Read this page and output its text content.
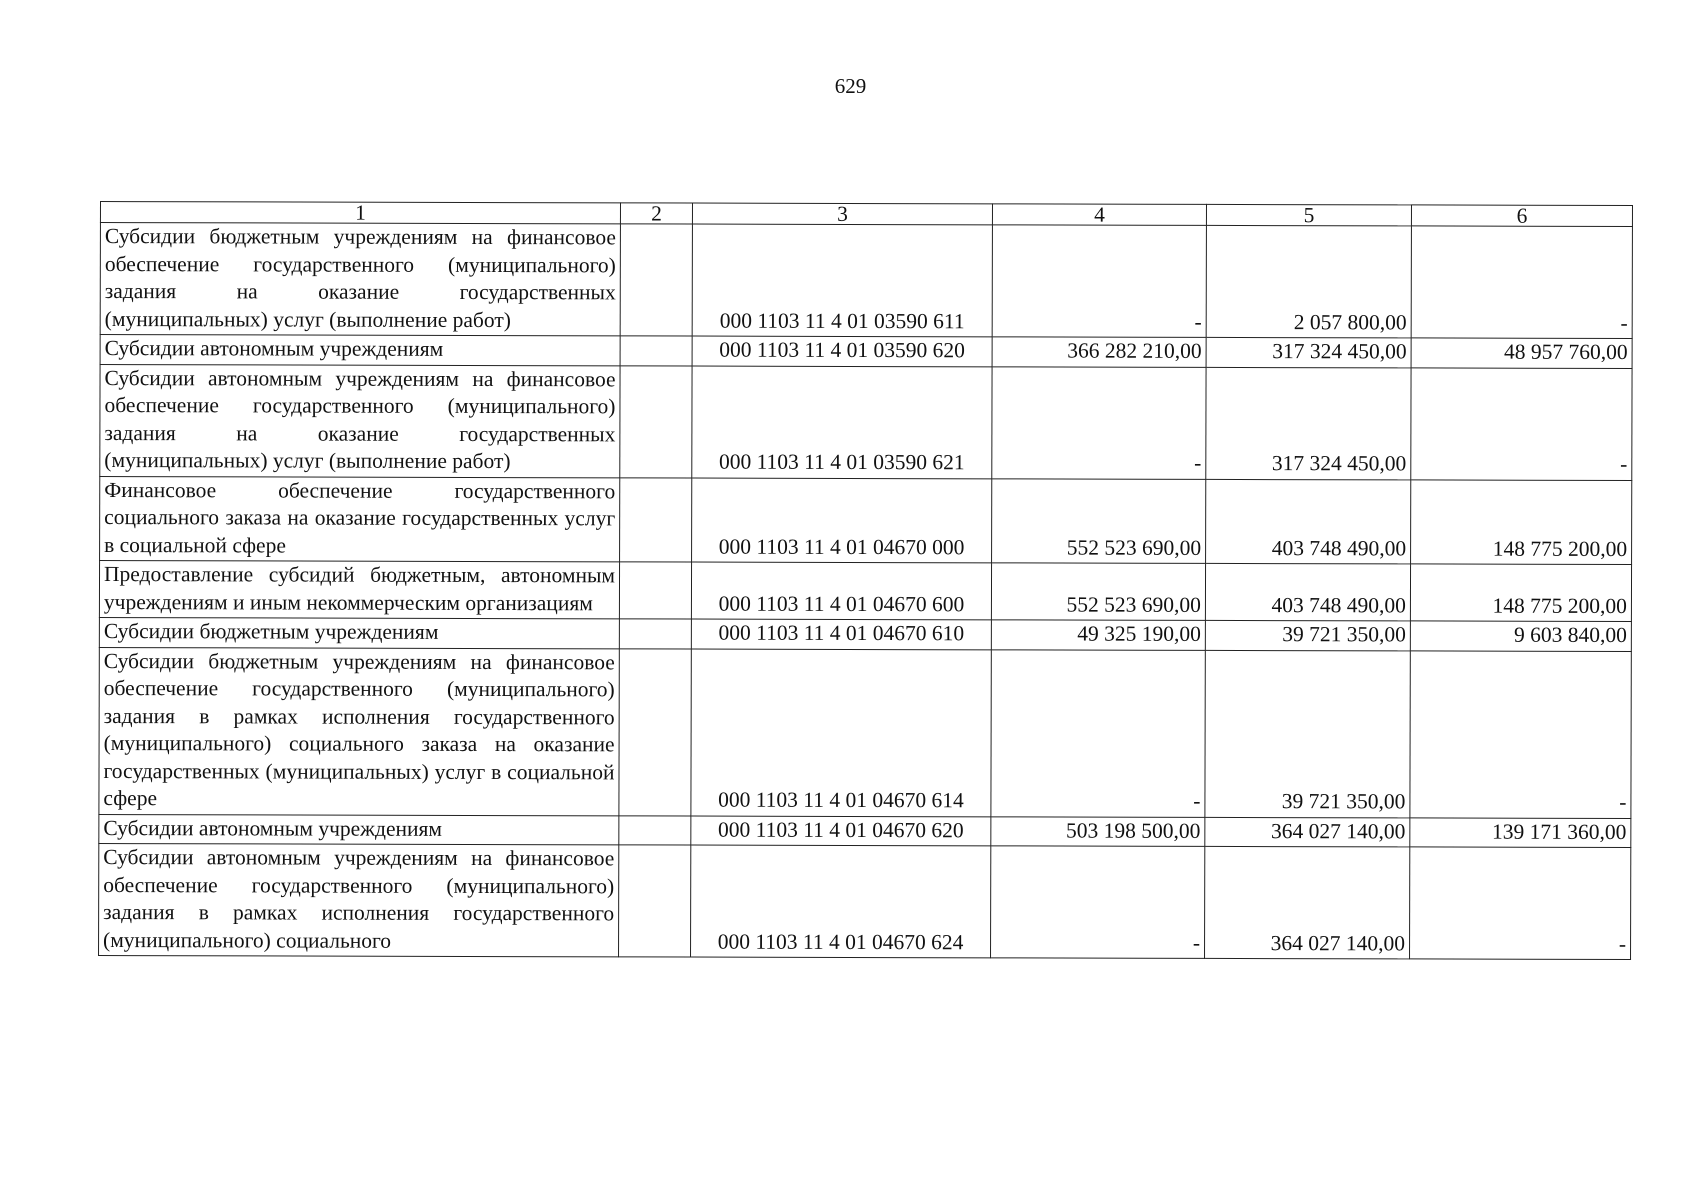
629
1	2	3	4	5	6
Субсидии бюджетным учреждениям на финансовое обеспечение государственного (муниципального) задания на оказание государственных (муниципальных) услуг (выполнение работ)		000 1103 11 4 01 03590 611	-	2 057 800,00	-
Субсидии автономным учреждениям		000 1103 11 4 01 03590 620	366 282 210,00	317 324 450,00	48 957 760,00
Субсидии автономным учреждениям на финансовое обеспечение государственного (муниципального) задания на оказание государственных (муниципальных) услуг (выполнение работ)		000 1103 11 4 01 03590 621	-	317 324 450,00	-
Финансовое обеспечение государственного социального заказа на оказание государственных услуг в социальной сфере		000 1103 11 4 01 04670 000	552 523 690,00	403 748 490,00	148 775 200,00
Предоставление субсидий бюджетным, автономным учреждениям и иным некоммерческим организациям		000 1103 11 4 01 04670 600	552 523 690,00	403 748 490,00	148 775 200,00
Субсидии бюджетным учреждениям		000 1103 11 4 01 04670 610	49 325 190,00	39 721 350,00	9 603 840,00
Субсидии бюджетным учреждениям на финансовое обеспечение государственного (муниципального) задания в рамках исполнения государственного (муниципального) социального заказа на оказание государственных (муниципальных) услуг в социальной сфере		000 1103 11 4 01 04670 614	-	39 721 350,00	-
Субсидии автономным учреждениям		000 1103 11 4 01 04670 620	503 198 500,00	364 027 140,00	139 171 360,00
Субсидии автономным учреждениям на финансовое обеспечение государственного (муниципального) задания в рамках исполнения государственного (муниципального) социального		000 1103 11 4 01 04670 624	-	364 027 140,00	-
